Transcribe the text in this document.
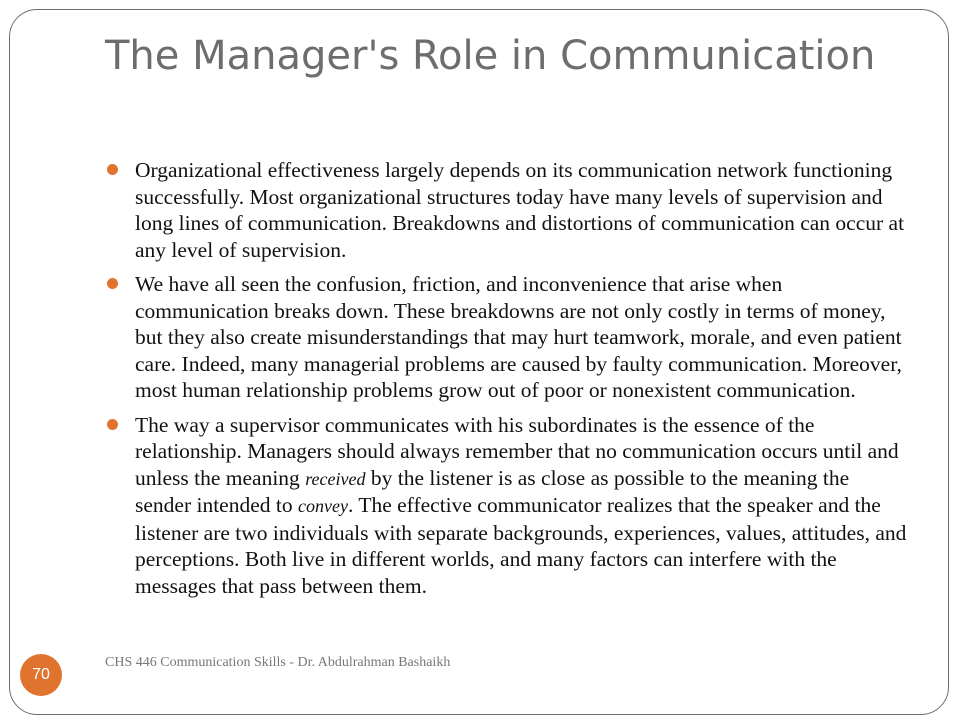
The Manager's Role in Communication

Organizational effectiveness largely depends on its communication network functioning successfully. Most organizational structures today have many levels of supervision and long lines of communication. Breakdowns and distortions of communication can occur at any level of supervision.

We have all seen the confusion, friction, and inconvenience that arise when communication breaks down. These breakdowns are not only costly in terms of money, but they also create misunderstandings that may hurt teamwork, morale, and even patient care. Indeed, many managerial problems are caused by faulty communication. Moreover, most human relationship problems grow out of poor or nonexistent communication.

The way a supervisor communicates with his subordinates is the essence of the relationship. Managers should always remember that no communication occurs until and unless the meaning received by the listener is as close as possible to the meaning the sender intended to convey. The effective communicator realizes that the speaker and the listener are two individuals with separate backgrounds, experiences, values, attitudes, and perceptions. Both live in different worlds, and many factors can interfere with the messages that pass between them.

70
CHS 446 Communication Skills - Dr. Abdulrahman Bashaikh
